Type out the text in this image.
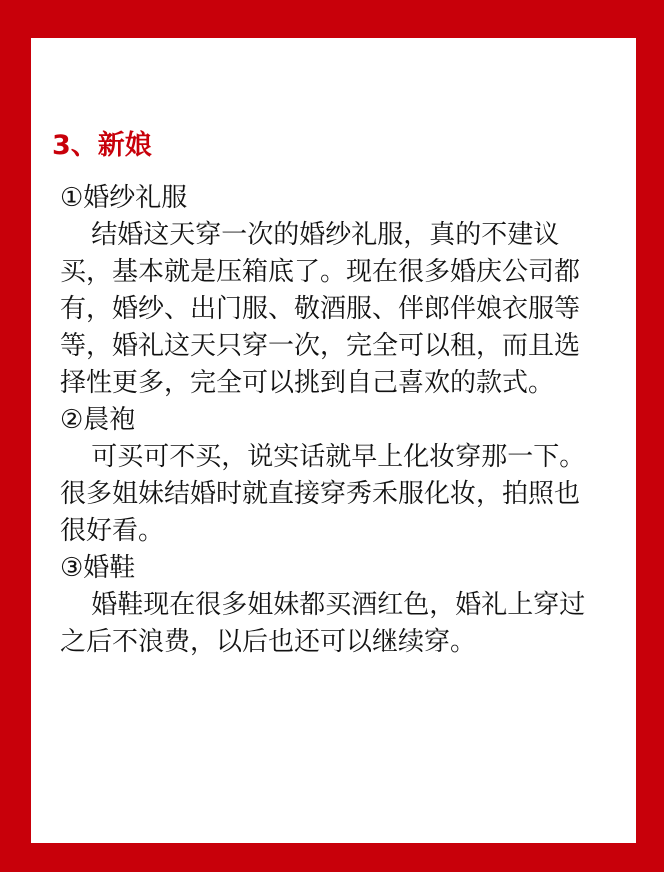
3、新娘
①婚纱礼服

结婚这天穿一次的婚纱礼服，真的不建议买，基本就是压箱底了。现在很多婚庆公司都有，婚纱、出门服、敬酒服、伴郎伴娘衣服等等，婚礼这天只穿一次，完全可以租，而且选择性更多，完全可以挑到自己喜欢的款式。

②晨袍

可买可不买，说实话就早上化妆穿那一下。很多姐妹结婚时就直接穿秀禾服化妆，拍照也很好看。

③婚鞋

婚鞋现在很多姐妹都买酒红色，婚礼上穿过之后不浪费，以后也还可以继续穿。
